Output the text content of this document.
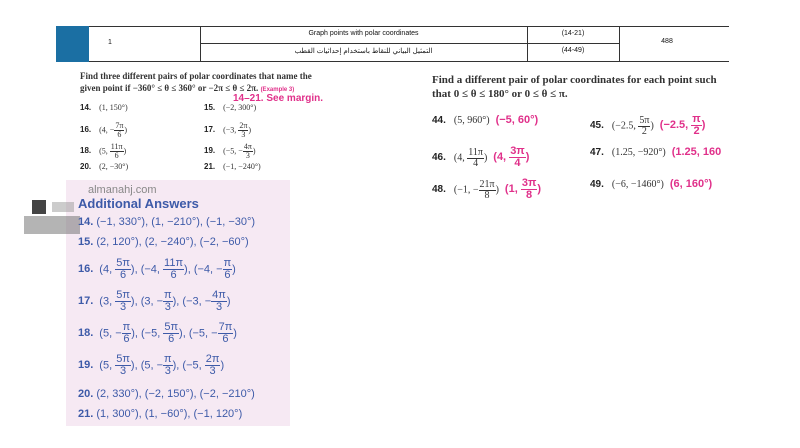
1
Graph points with polar coordinates
التمثيل البياني للنقاط باستخدام إحداثيات القطب
(14-21)
(44-49)
488
Find three different pairs of polar coordinates that name the
given point if −360° ≤ θ ≤ 360° or −2π ≤ θ ≤ 2π. (Example 3)
14–21. See margin.
14. (1, 150°)	15. (−2, 300°)
16. (4, − $\frac{7\pi}{6}$ )	17. (−3, $\frac{2\pi}{3}$ )
18. (5, $\frac{11\pi}{6}$ )	19. (−5, − $\frac{4\pi}{3}$ )
20. (2, −30°)	21. (−1, −240°)
Find a different pair of polar coordinates for each point such
that 0 ≤ θ ≤ 180° or 0 ≤ θ ≤ π.
44. (5, 960°) (−5, 60°)	45. (−2.5, $\frac{5\pi}{2}$ ) (−2.5, $\frac{\pi}{2}$ )
46. (4, $\frac{11\pi}{4}$ ) (4, $\frac{3\pi}{4}$ )	47. (1.25, −920°) (1.25, 160
48. (−1, − $\frac{21\pi}{8}$ ) (1, $\frac{3\pi}{8}$ )	49. (−6, −1460°) (6, 160°)
almanahj.com
Additional Answers
14. (−1, 330°), (1, −210°), (−1, −30°)
15. (2, 120°), (2, −240°), (−2, −60°)
16. (4, $\frac{5\pi}{6}$ ), (−4, $\frac{11\pi}{6}$ ), (−4, − $\frac{\pi}{6}$ )
17. (3, $\frac{5\pi}{3}$ ), (3, − $\frac{\pi}{3}$ ), (−3, − $\frac{4\pi}{3}$ )
18. (5, − $\frac{\pi}{6}$ ), (−5, $\frac{5\pi}{6}$ ), (−5, − $\frac{7\pi}{6}$ )
19. (5, $\frac{5\pi}{3}$ ), (5, − $\frac{\pi}{3}$ ), (−5, $\frac{2\pi}{3}$ )
20. (2, 330°), (−2, 150°), (−2, −210°)
21. (1, 300°), (1, −60°), (−1, 120°)
